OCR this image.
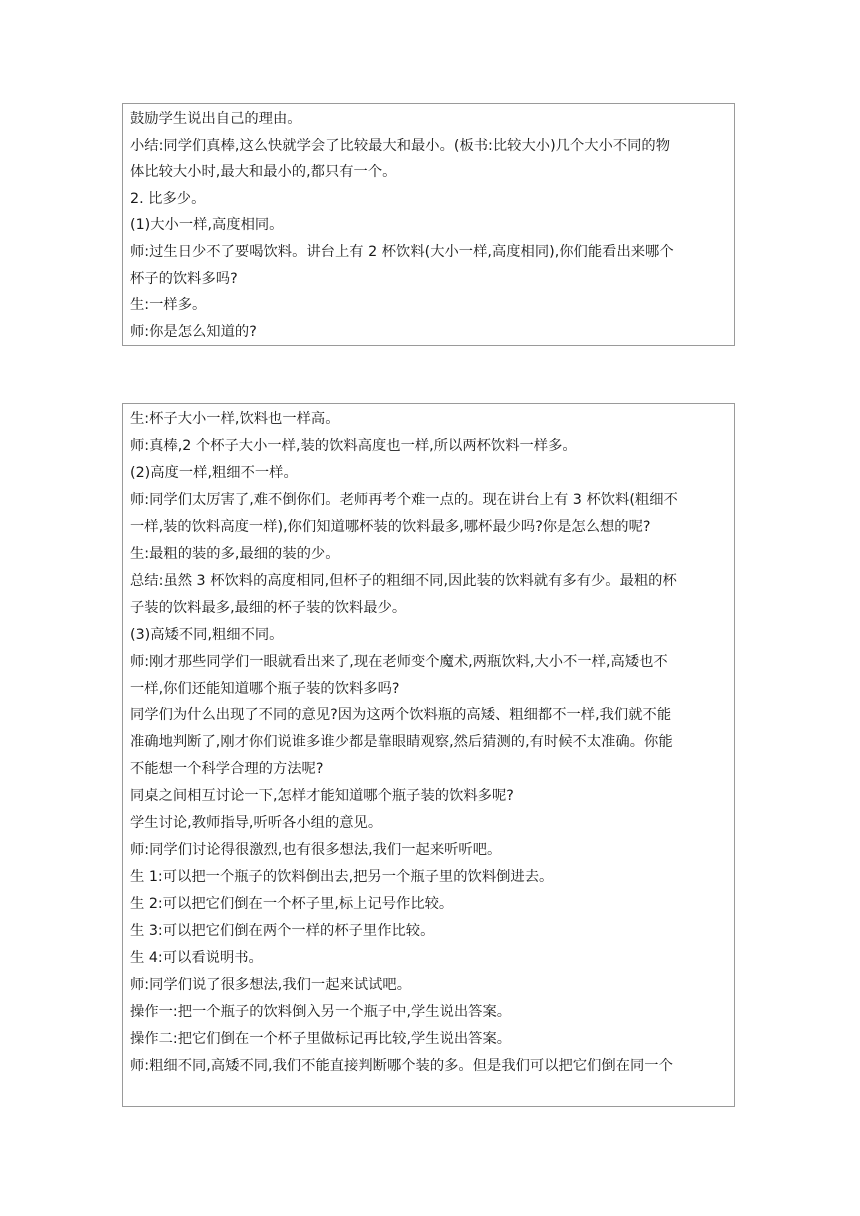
鼓励学生说出自己的理由。
小结:同学们真棒,这么快就学会了比较最大和最小。(板书:比较大小)几个大小不同的物
体比较大小时,最大和最小的,都只有一个。
2. 比多少。
(1)大小一样,高度相同。
师:过生日少不了要喝饮料。讲台上有 2 杯饮料(大小一样,高度相同),你们能看出来哪个
杯子的饮料多吗?
生:一样多。
师:你是怎么知道的?
生:杯子大小一样,饮料也一样高。
师:真棒,2 个杯子大小一样,装的饮料高度也一样,所以两杯饮料一样多。
(2)高度一样,粗细不一样。
师:同学们太厉害了,难不倒你们。老师再考个难一点的。现在讲台上有 3 杯饮料(粗细不
一样,装的饮料高度一样),你们知道哪杯装的饮料最多,哪杯最少吗?你是怎么想的呢?
生:最粗的装的多,最细的装的少。
总结:虽然 3 杯饮料的高度相同,但杯子的粗细不同,因此装的饮料就有多有少。最粗的杯
子装的饮料最多,最细的杯子装的饮料最少。
(3)高矮不同,粗细不同。
师:刚才那些同学们一眼就看出来了,现在老师变个魔术,两瓶饮料,大小不一样,高矮也不
一样,你们还能知道哪个瓶子装的饮料多吗?
同学们为什么出现了不同的意见?因为这两个饮料瓶的高矮、粗细都不一样,我们就不能
准确地判断了,刚才你们说谁多谁少都是靠眼睛观察,然后猜测的,有时候不太准确。你能
不能想一个科学合理的方法呢?
同桌之间相互讨论一下,怎样才能知道哪个瓶子装的饮料多呢?
学生讨论,教师指导,听听各小组的意见。
师:同学们讨论得很激烈,也有很多想法,我们一起来听听吧。
生 1:可以把一个瓶子的饮料倒出去,把另一个瓶子里的饮料倒进去。
生 2:可以把它们倒在一个杯子里,标上记号作比较。
生 3:可以把它们倒在两个一样的杯子里作比较。
生 4:可以看说明书。
师:同学们说了很多想法,我们一起来试试吧。
操作一:把一个瓶子的饮料倒入另一个瓶子中,学生说出答案。
操作二:把它们倒在一个杯子里做标记再比较,学生说出答案。
师:粗细不同,高矮不同,我们不能直接判断哪个装的多。但是我们可以把它们倒在同一个
